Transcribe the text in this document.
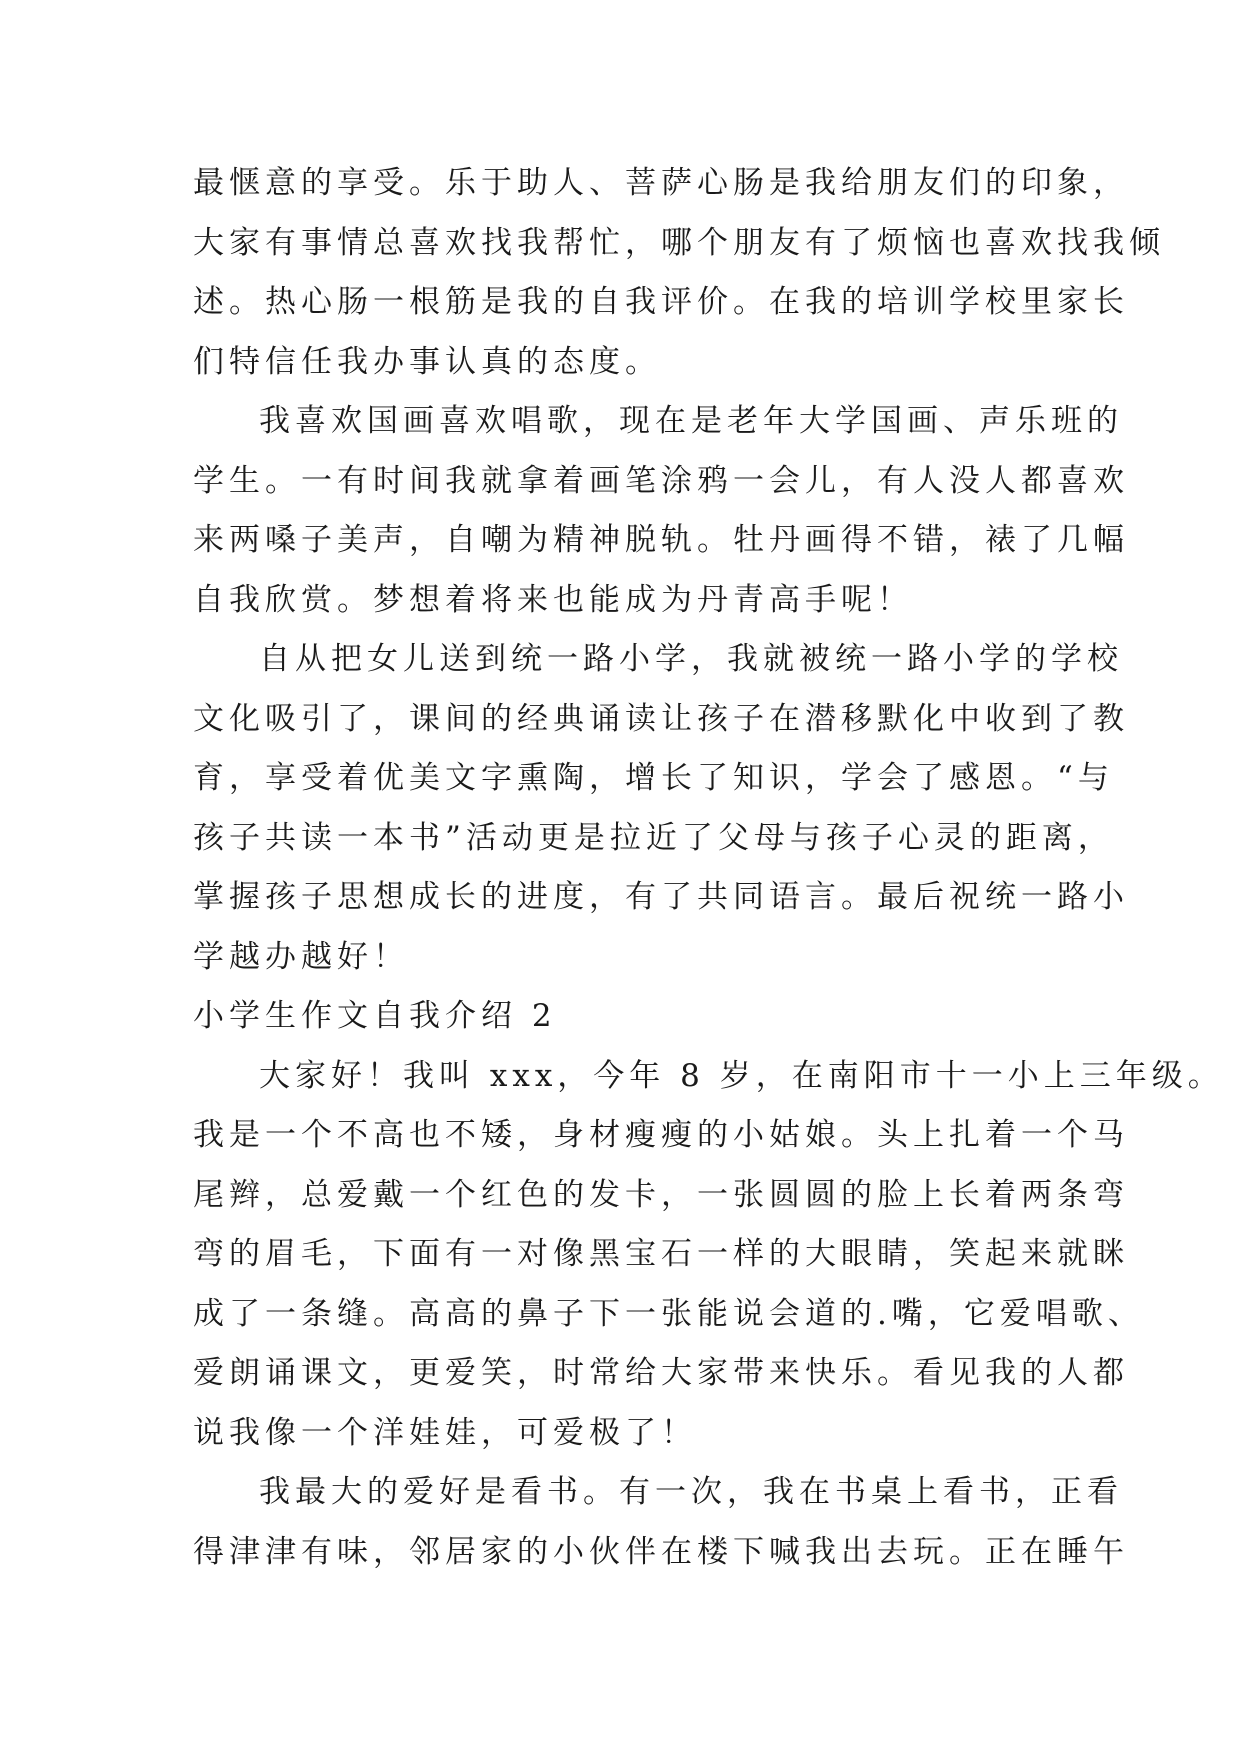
最惬意的享受。乐于助人、菩萨心肠是我给朋友们的印象，
大家有事情总喜欢找我帮忙，哪个朋友有了烦恼也喜欢找我倾
述。热心肠一根筋是我的自我评价。在我的培训学校里家长
们特信任我办事认真的态度。
我喜欢国画喜欢唱歌，现在是老年大学国画、声乐班的
学生。一有时间我就拿着画笔涂鸦一会儿，有人没人都喜欢
来两嗓子美声，自嘲为精神脱轨。牡丹画得不错，裱了几幅
自我欣赏。梦想着将来也能成为丹青高手呢！
自从把女儿送到统一路小学，我就被统一路小学的学校
文化吸引了，课间的经典诵读让孩子在潜移默化中收到了教
育，享受着优美文字熏陶，增长了知识，学会了感恩。“与
孩子共读一本书”活动更是拉近了父母与孩子心灵的距离，
掌握孩子思想成长的进度，有了共同语言。最后祝统一路小
学越办越好！
小学生作文自我介绍 2
大家好！我叫 xxx，今年 8 岁，在南阳市十一小上三年级。
我是一个不高也不矮，身材瘦瘦的小姑娘。头上扎着一个马
尾辫，总爱戴一个红色的发卡，一张圆圆的脸上长着两条弯
弯的眉毛，下面有一对像黑宝石一样的大眼睛，笑起来就眯
成了一条缝。高高的鼻子下一张能说会道的.嘴，它爱唱歌、
爱朗诵课文，更爱笑，时常给大家带来快乐。看见我的人都
说我像一个洋娃娃，可爱极了！
我最大的爱好是看书。有一次，我在书桌上看书，正看
得津津有味，邻居家的小伙伴在楼下喊我出去玩。正在睡午
